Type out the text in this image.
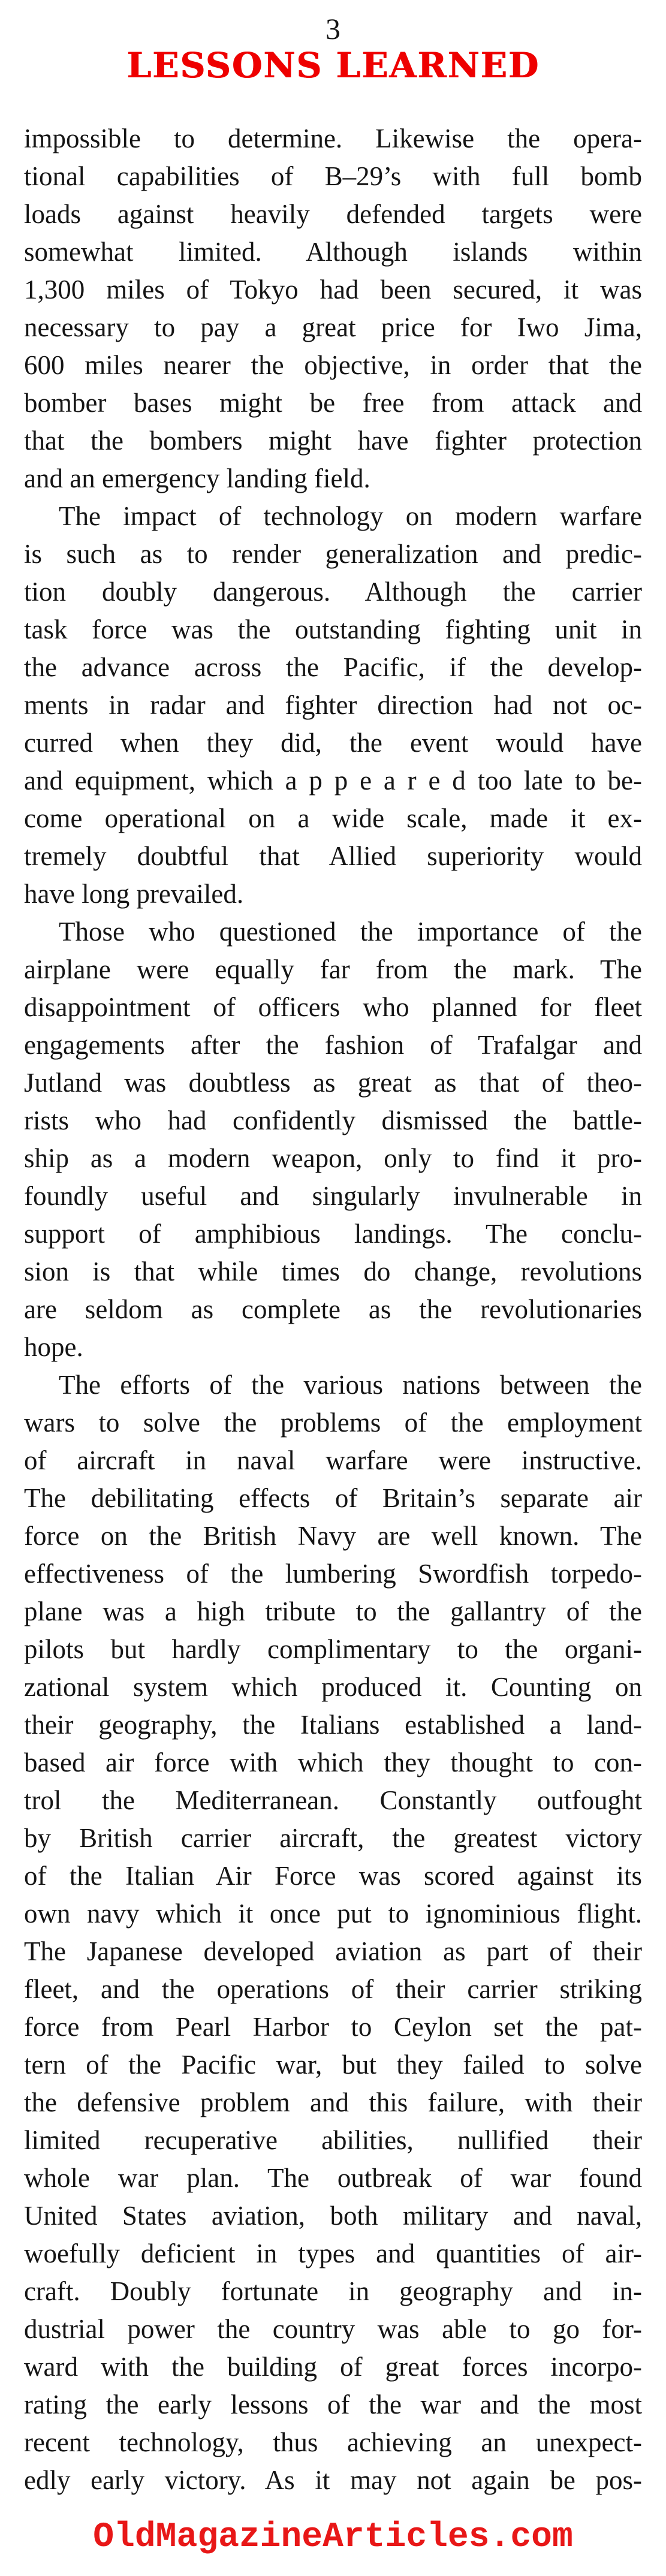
3
LESSONS LEARNED
impossible to determine. Likewise the opera-
tional capabilities of B–29’s with full bomb
loads against heavily defended targets were
somewhat limited. Although islands within
1,300 miles of Tokyo had been secured, it was
necessary to pay a great price for Iwo Jima,
600 miles nearer the objective, in order that the
bomber bases might be free from attack and
that the bombers might have fighter protection
and an emergency landing field.
The impact of technology on modern warfare
is such as to render generalization and predic-
tion doubly dangerous. Although the carrier
task force was the outstanding fighting unit in
the advance across the Pacific, if the develop-
ments in radar and fighter direction had not oc-
curred when they did, the event would have
and equipment, which a p p e a r e d too late to be-
come operational on a wide scale, made it ex-
tremely doubtful that Allied superiority would
have long prevailed.
Those who questioned the importance of the
airplane were equally far from the mark. The
disappointment of officers who planned for fleet
engagements after the fashion of Trafalgar and
Jutland was doubtless as great as that of theo-
rists who had confidently dismissed the battle-
ship as a modern weapon, only to find it pro-
foundly useful and singularly invulnerable in
support of amphibious landings. The conclu-
sion is that while times do change, revolutions
are seldom as complete as the revolutionaries
hope.
The efforts of the various nations between the
wars to solve the problems of the employment
of aircraft in naval warfare were instructive.
The debilitating effects of Britain’s separate air
force on the British Navy are well known. The
effectiveness of the lumbering Swordfish torpedo-
plane was a high tribute to the gallantry of the
pilots but hardly complimentary to the organi-
zational system which produced it. Counting on
their geography, the Italians established a land-
based air force with which they thought to con-
trol the Mediterranean. Constantly outfought
by British carrier aircraft, the greatest victory
of the Italian Air Force was scored against its
own navy which it once put to ignominious flight.
The Japanese developed aviation as part of their
fleet, and the operations of their carrier striking
force from Pearl Harbor to Ceylon set the pat-
tern of the Pacific war, but they failed to solve
the defensive problem and this failure, with their
limited recuperative abilities, nullified their
whole war plan. The outbreak of war found
United States aviation, both military and naval,
woefully deficient in types and quantities of air-
craft. Doubly fortunate in geography and in-
dustrial power the country was able to go for-
ward with the building of great forces incorpo-
rating the early lessons of the war and the most
recent technology, thus achieving an unexpect-
edly early victory. As it may not again be pos-
OldMagazineArticles.com
